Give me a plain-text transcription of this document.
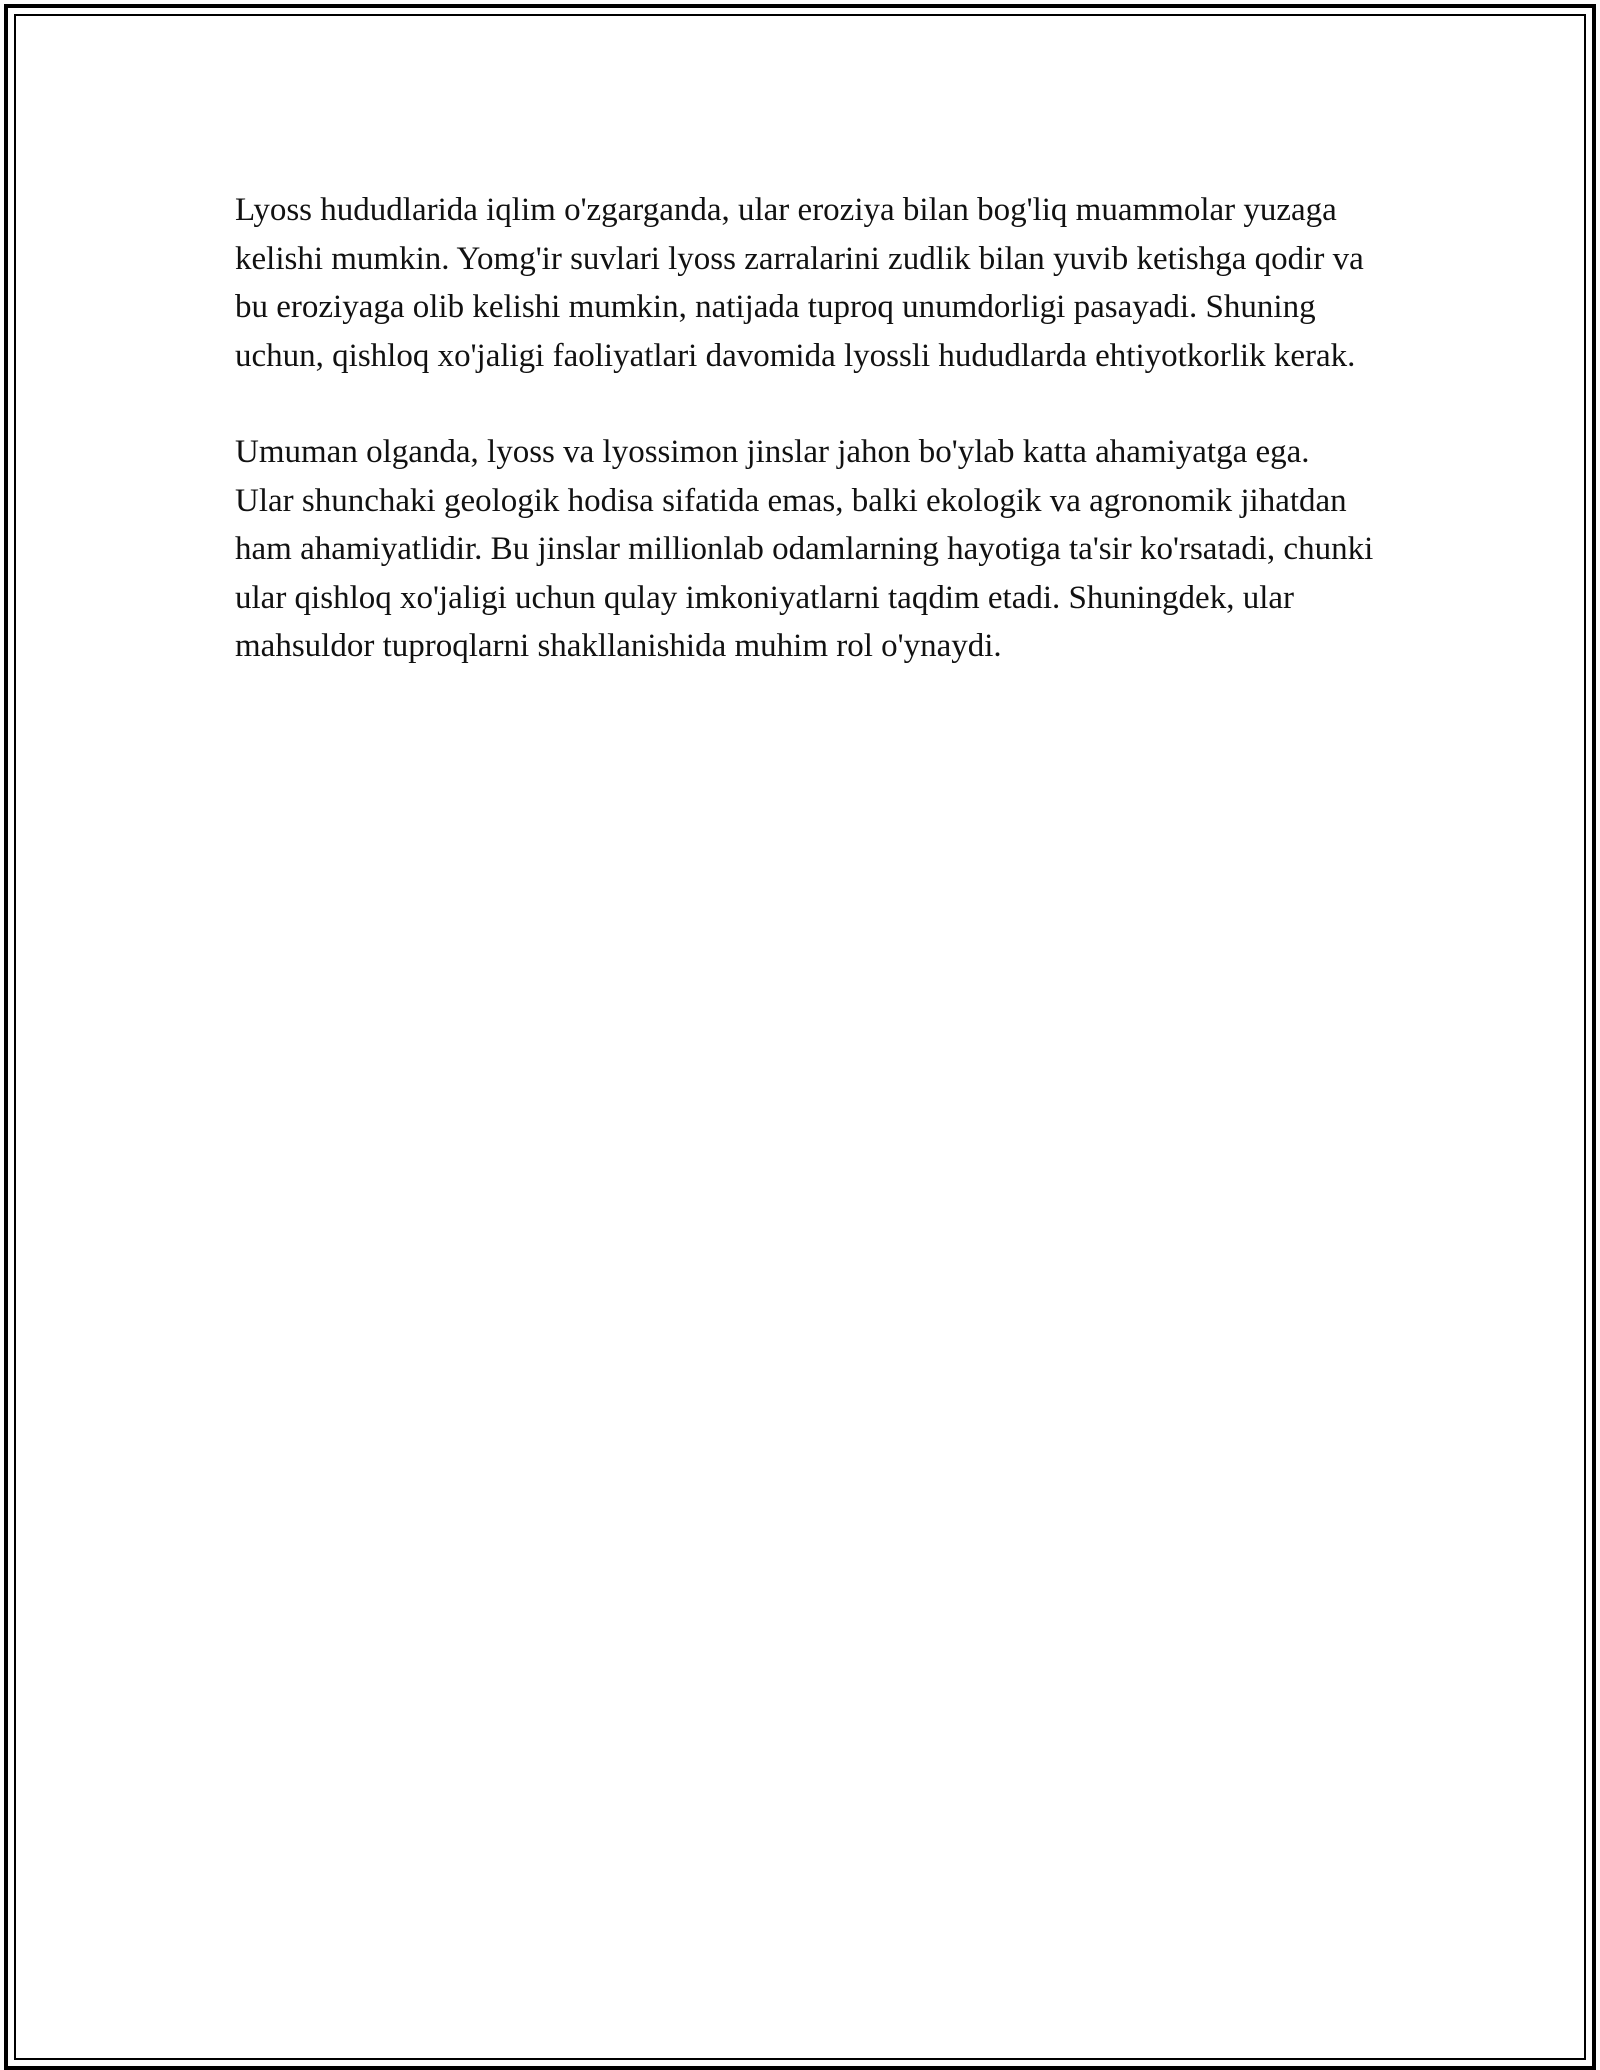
Lyoss hududlarida iqlim o'zgarganda, ular eroziya bilan bog'liq muammolar yuzaga kelishi mumkin. Yomg'ir suvlari lyoss zarralarini zudlik bilan yuvib ketishga qodir va bu eroziyaga olib kelishi mumkin, natijada tuproq unumdorligi pasayadi. Shuning uchun, qishloq xo'jaligi faoliyatlari davomida lyossli hududlarda ehtiyotkorlik kerak.

Umuman olganda, lyoss va lyossimon jinslar jahon bo'ylab katta ahamiyatga ega. Ular shunchaki geologik hodisa sifatida emas, balki ekologik va agronomik jihatdan ham ahamiyatlidir. Bu jinslar millionlab odamlarning hayotiga ta'sir ko'rsatadi, chunki ular qishloq xo'jaligi uchun qulay imkoniyatlarni taqdim etadi. Shuningdek, ular mahsuldor tuproqlarni shakllanishida muhim rol o'ynaydi.
